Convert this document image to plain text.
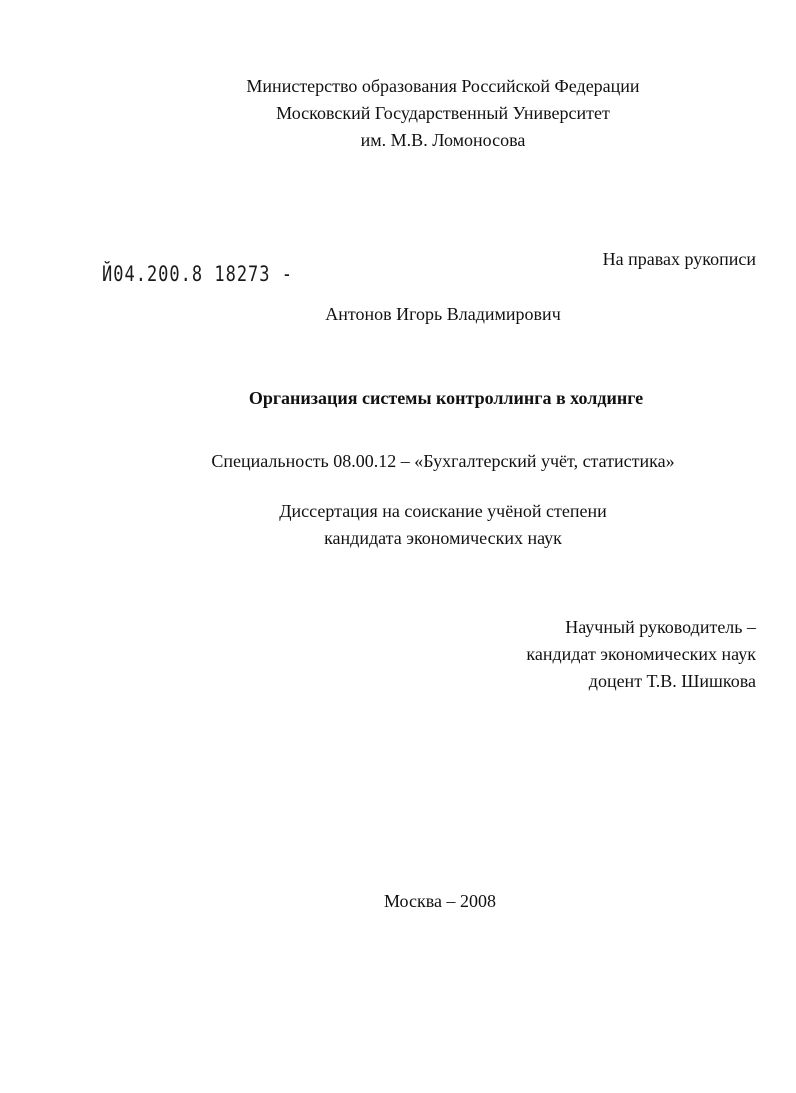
Министерство образования Российской Федерации
Московский Государственный Университет
им. М.В. Ломоносова
Й04.200.8 18273 -
На правах рукописи
Антонов Игорь Владимирович
Организация системы контроллинга в холдинге
Специальность 08.00.12 – «Бухгалтерский учёт, статистика»
Диссертация на соискание учёной степени
кандидата экономических наук
Научный руководитель –
кандидат экономических наук
доцент Т.В. Шишкова
Москва – 2008
